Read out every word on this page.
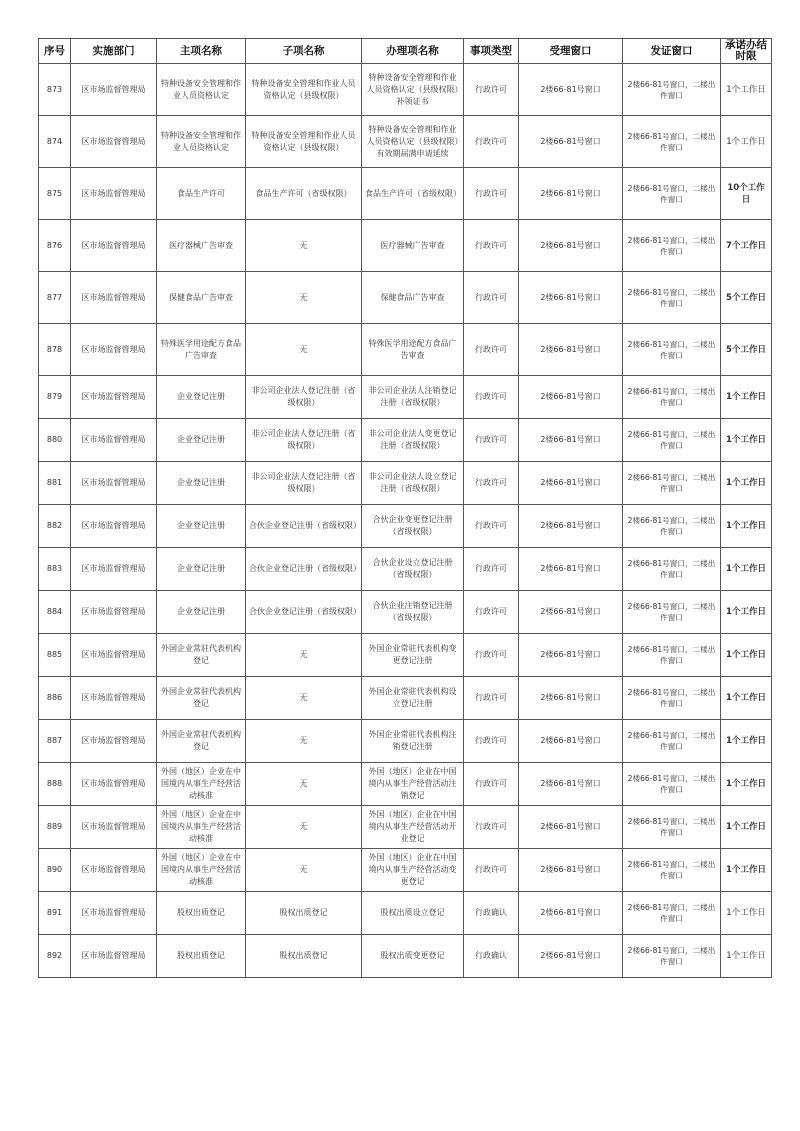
序号	实施部门	主项名称	子项名称	办理项名称	事项类型	受理窗口	发证窗口	承诺办结时限
873	区市场监督管理局	特种设备安全管理和作业人员资格认定	特种设备安全管理和作业人员资格认定（县级权限）	特种设备安全管理和作业人员资格认定（县级权限）补领证书	行政许可	2楼66-81号窗口	2楼66-81号窗口，二楼出件窗口	1个工作日
874	区市场监督管理局	特种设备安全管理和作业人员资格认定	特种设备安全管理和作业人员资格认定（县级权限）	特种设备安全管理和作业人员资格认定（县级权限）有效期届满申请延续	行政许可	2楼66-81号窗口	2楼66-81号窗口，二楼出件窗口	1个工作日
875	区市场监督管理局	食品生产许可	食品生产许可（省级权限）	食品生产许可（省级权限）	行政许可	2楼66-81号窗口	2楼66-81号窗口，二楼出件窗口	10个工作日
876	区市场监督管理局	医疗器械广告审查	无	医疗器械广告审查	行政许可	2楼66-81号窗口	2楼66-81号窗口，二楼出件窗口	7个工作日
877	区市场监督管理局	保健食品广告审查	无	保健食品广告审查	行政许可	2楼66-81号窗口	2楼66-81号窗口，二楼出件窗口	5个工作日
878	区市场监督管理局	特殊医学用途配方食品广告审查	无	特殊医学用途配方食品广告审查	行政许可	2楼66-81号窗口	2楼66-81号窗口，二楼出件窗口	5个工作日
879	区市场监督管理局	企业登记注册	非公司企业法人登记注册（省级权限）	非公司企业法人注销登记注册（省级权限）	行政许可	2楼66-81号窗口	2楼66-81号窗口，二楼出件窗口	1个工作日
880	区市场监督管理局	企业登记注册	非公司企业法人登记注册（省级权限）	非公司企业法人变更登记注册（省级权限）	行政许可	2楼66-81号窗口	2楼66-81号窗口，二楼出件窗口	1个工作日
881	区市场监督管理局	企业登记注册	非公司企业法人登记注册（省级权限）	非公司企业法人设立登记注册（省级权限）	行政许可	2楼66-81号窗口	2楼66-81号窗口，二楼出件窗口	1个工作日
882	区市场监督管理局	企业登记注册	合伙企业登记注册（省级权限）	合伙企业变更登记注册（省级权限）	行政许可	2楼66-81号窗口	2楼66-81号窗口，二楼出件窗口	1个工作日
883	区市场监督管理局	企业登记注册	合伙企业登记注册（省级权限）	合伙企业设立登记注册（省级权限）	行政许可	2楼66-81号窗口	2楼66-81号窗口，二楼出件窗口	1个工作日
884	区市场监督管理局	企业登记注册	合伙企业登记注册（省级权限）	合伙企业注销登记注册（省级权限）	行政许可	2楼66-81号窗口	2楼66-81号窗口，二楼出件窗口	1个工作日
885	区市场监督管理局	外国企业常驻代表机构登记	无	外国企业常驻代表机构变更登记注册	行政许可	2楼66-81号窗口	2楼66-81号窗口，二楼出件窗口	1个工作日
886	区市场监督管理局	外国企业常驻代表机构登记	无	外国企业常驻代表机构设立登记注册	行政许可	2楼66-81号窗口	2楼66-81号窗口，二楼出件窗口	1个工作日
887	区市场监督管理局	外国企业常驻代表机构登记	无	外国企业常驻代表机构注销登记注册	行政许可	2楼66-81号窗口	2楼66-81号窗口，二楼出件窗口	1个工作日
888	区市场监督管理局	外国（地区）企业在中国境内从事生产经营活动核准	无	外国（地区）企业在中国境内从事生产经营活动注销登记	行政许可	2楼66-81号窗口	2楼66-81号窗口，二楼出件窗口	1个工作日
889	区市场监督管理局	外国（地区）企业在中国境内从事生产经营活动核准	无	外国（地区）企业在中国境内从事生产经营活动开业登记	行政许可	2楼66-81号窗口	2楼66-81号窗口，二楼出件窗口	1个工作日
890	区市场监督管理局	外国（地区）企业在中国境内从事生产经营活动核准	无	外国（地区）企业在中国境内从事生产经营活动变更登记	行政许可	2楼66-81号窗口	2楼66-81号窗口，二楼出件窗口	1个工作日
891	区市场监督管理局	股权出质登记	股权出质登记	股权出质设立登记	行政确认	2楼66-81号窗口	2楼66-81号窗口，二楼出件窗口	1个工作日
892	区市场监督管理局	股权出质登记	股权出质登记	股权出质变更登记	行政确认	2楼66-81号窗口	2楼66-81号窗口，二楼出件窗口	1个工作日
